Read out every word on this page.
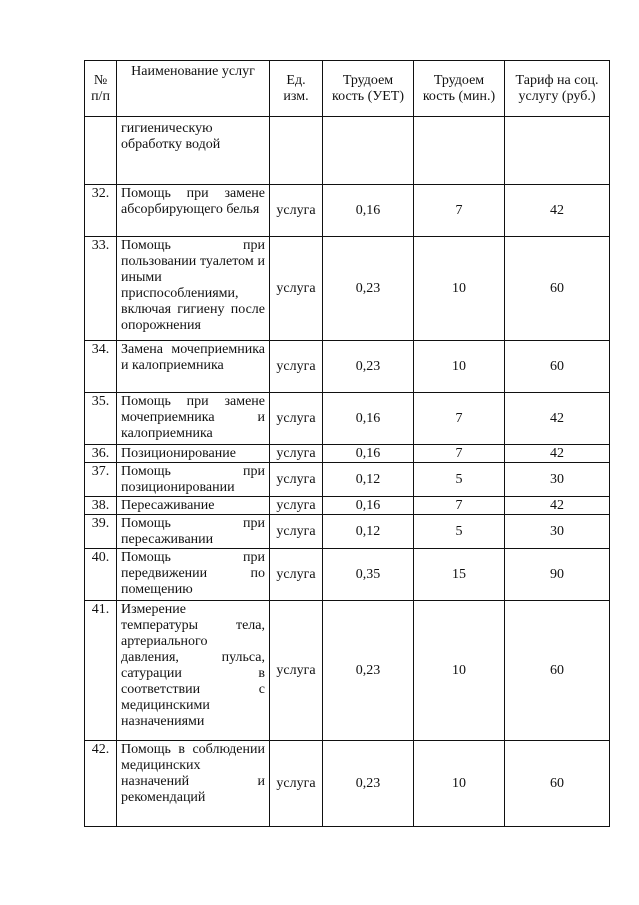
№ п/п	Наименование услуг	Ед. изм.	Трудоем кость (УЕТ)	Трудоем кость (мин.)	Тариф на соц. услугу (руб.)

	гигиеническую обработку водой				

32.	Помощь при замене абсорбирующего белья	услуга	0,16	7	42
33.	Помощь при пользовании туалетом и иными приспособлениями, включая гигиену после опорожнения	услуга	0,23	10	60
34.	Замена мочеприемника и калоприемника	услуга	0,23	10	60
35.	Помощь при замене мочеприемника и калоприемника	услуга	0,16	7	42
36.	Позиционирование	услуга	0,16	7	42
37.	Помощь при позиционировании	услуга	0,12	5	30
38.	Пересаживание	услуга	0,16	7	42
39.	Помощь при пересаживании	услуга	0,12	5	30
40.	Помощь при передвижении по помещению	услуга	0,35	15	90
41.	Измерение температуры тела, артериального давления, пульса, сатурации в соответствии с медицинскими назначениями	услуга	0,23	10	60
42.	Помощь в соблюдении медицинских назначений и рекомендаций	услуга	0,23	10	60
